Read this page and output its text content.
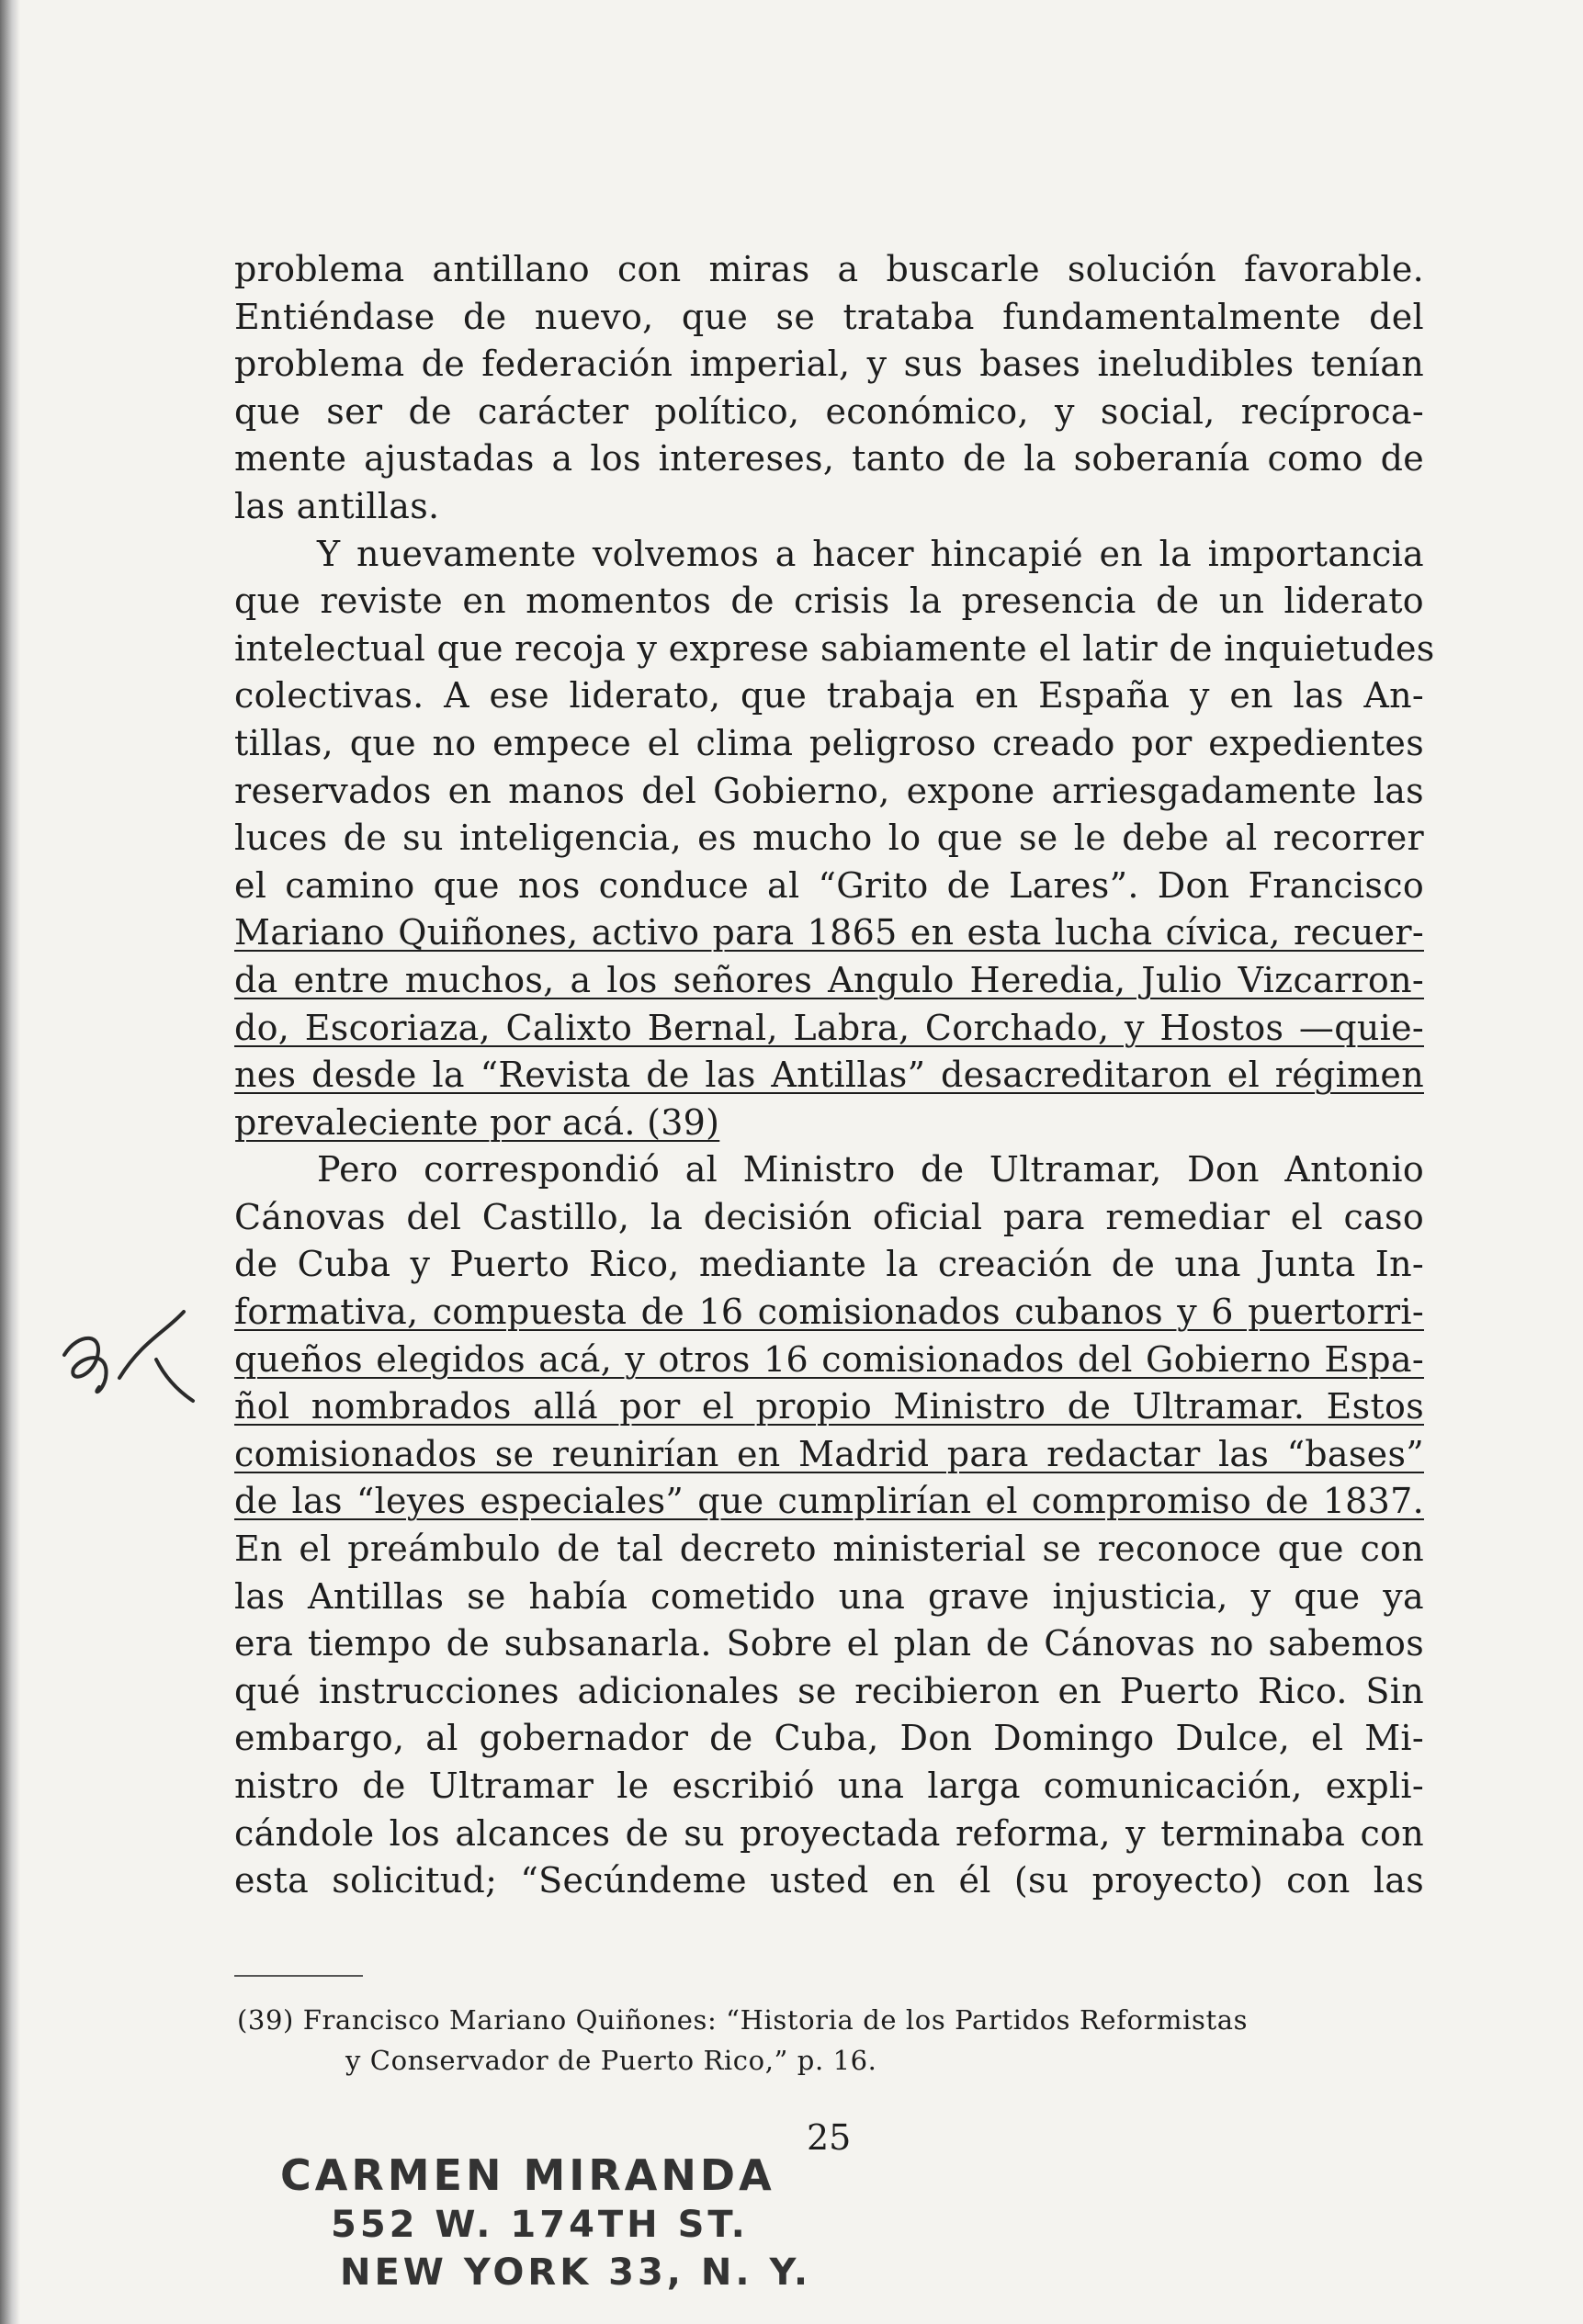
problema antillano con miras a buscarle solución favorable.
Entiéndase de nuevo, que se trataba fundamentalmente del
problema de federación imperial, y sus bases ineludibles tenían
que ser de carácter político, económico, y social, recíproca-
mente ajustadas a los intereses, tanto de la soberanía como de
las antillas.
Y nuevamente volvemos a hacer hincapié en la importancia
que reviste en momentos de crisis la presencia de un liderato
intelectual que recoja y exprese sabiamente el latir de inquietudes
colectivas. A ese liderato, que trabaja en España y en las An-
tillas, que no empece el clima peligroso creado por expedientes
reservados en manos del Gobierno, expone arriesgadamente las
luces de su inteligencia, es mucho lo que se le debe al recorrer
el camino que nos conduce al “Grito de Lares”. Don Francisco
Mariano Quiñones, activo para 1865 en esta lucha cívica, recuer-
da entre muchos, a los señores Angulo Heredia, Julio Vizcarron-
do, Escoriaza, Calixto Bernal, Labra, Corchado, y Hostos —quie-
nes desde la “Revista de las Antillas” desacreditaron el régimen
prevaleciente por acá. (39)
Pero correspondió al Ministro de Ultramar, Don Antonio
Cánovas del Castillo, la decisión oficial para remediar el caso
de Cuba y Puerto Rico, mediante la creación de una Junta In-
formativa, compuesta de 16 comisionados cubanos y 6 puertorri-
queños elegidos acá, y otros 16 comisionados del Gobierno Espa-
ñol nombrados allá por el propio Ministro de Ultramar. Estos
comisionados se reunirían en Madrid para redactar las “bases”
de las “leyes especiales” que cumplirían el compromiso de 1837.
En el preámbulo de tal decreto ministerial se reconoce que con
las Antillas se había cometido una grave injusticia, y que ya
era tiempo de subsanarla. Sobre el plan de Cánovas no sabemos
qué instrucciones adicionales se recibieron en Puerto Rico. Sin
embargo, al gobernador de Cuba, Don Domingo Dulce, el Mi-
nistro de Ultramar le escribió una larga comunicación, expli-
cándole los alcances de su proyectada reforma, y terminaba con
esta solicitud; “Secúndeme usted en él (su proyecto) con las
(39) Francisco Mariano Quiñones: “Historia de los Partidos Reformistas
y Conservador de Puerto Rico,” p. 16.
25
CARMEN MIRANDA
552 W. 174TH ST.
NEW YORK 33, N. Y.
